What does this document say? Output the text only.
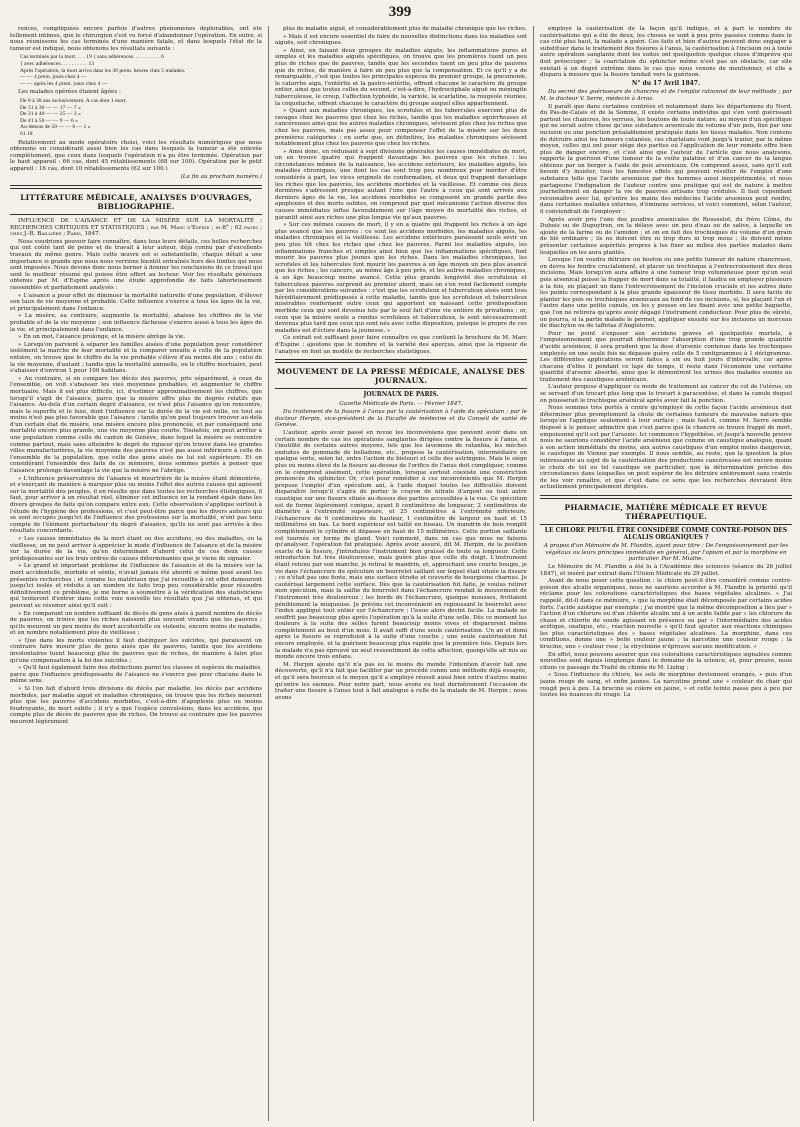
399

rences, compliquées encore parfois d'autres phénomènes déplorables, ont été tellement intimes, que le chirurgien s'est vu forcé d'abandonner l'opération. En outre, si nous réunissons les cas terminés d'une manière fatale, et dans lesquels l'état de la tumeur est indiqué, nous obtenons les résultats suivants :

Cas terminés par la mort. . . . 19 { sans adhérences. . . . . . . . . . 6
{ avec adhérences. . . . . . . . . . 13
Après l'opération, la mort arriva dans les 36 prem. heures chez 5 malades.
— — 4 prem. jours chez 4 —
— — après les 4 prem. jours chez 4 —

Les malades opérées étaient âgées :

De 0 à 30 ans inclusivement. A cas dont 1 mort.
De 31 à 30 — — 17 — 7 »
De 31 à 40 — — 25 — 3 »
De 41 à 50 — — 9 — 6 »
Au-dessus de 50 — — 6 — 1 »
61 18

Relativement au mode opératoire choisi, voici les résultats numériques que nous obtenons en considérant aussi bien les cas dans lesquels la tumeur a été enlevée complètement, que ceux dans lesquels l'opération n'a pu être terminée. Opération par le haut appareil : 66 cas, dont 45 rétablissements (68 sur 100). Opération par le petit appareil : 16 cas, dont 10 rétablissements (62 sur 100.)

(La fin au prochain numéro.)
LITTÉRATURE MÉDICALE, ANALYSES D'OUVRAGES, BIBLIOGRAPHIE.

INFLUENCE DE L'AISANCE ET DE LA MISÈRE SUR LA MORTALITÉ ; RECHERCHES CRITIQUES ET STATISTIQUES ; par M. Marc d'Espine ; in-8° ; 62 pages ; chez J.-B. Baillière ; Paris, 1847.

Nous voudrions pouvoir faire connaître, dans tous leurs détails, ces belles recherches qui ont coûté tant de peine et de travail à leur auteur, déjà connu par d'excellents travaux du même genre. Mais cette œuvre est si substantielle, chaque détail a une importance si grande que nous nous verrions bientôt entraînés hors des limites qui nous sont imposées. Nous devons donc nous borner à donner les conclusions de ce travail qui sont le meilleur résumé qui puisse être offert au lecteur. Voir les résultats généraux obtenus par M. d'Espine après une étude approfondie de faits laborieusement rassemblés et parfaitement analysés :

« L'aisance a pour effet de diminuer la mortalité naturelle d'une population, d'élever son taux de vie moyenne et probable. Cette influence s'exerce à tous les âges de la vie, et principalement dans l'enfance.

» La misère, au contraire, augmente la mortalité, abaisse les chiffres de la vie probable et de la vie moyenne ; son influence fâcheuse s'exerce aussi à tous les âges de la vie, et principalement dans l'enfance.

» En un mot, l'aisance prolonge, et la misère abrège la vie.

» Lorsqu'on parvient à séparer les familles aisées d'une population pour considérer isolément la marche de leur mortalité et la comparer ensuite à celle de la population entière, on trouve que le chiffre de la vie probable s'élève d'au moins dix ans ; celui de la vie moyenne, d'autant ; tandis que la mortalité annuelle, ou le chiffre mortuaire, peut s'abaisser d'environ 1 pour 100 habitans.

» Au contraire, si on compare les décès des pauvres, pris séparément, à ceux de l'ensemble, on voit s'abaisser les vies moyennes probables, et augmenter le chiffre mortuaire. Mais il est plus difficile, ici, d'estimer approximativement les chiffres, que lorsqu'il s'agit de l'aisance, parce que la misère offre plus de degrés relatifs que l'aisance. Au-delà d'un certain degré d'aisance, ce n'est plus l'aisance qu'on rencontre, mais le superflu et le luxe, dont l'influence sur la durée de la vie est nulle, ou tout au moins n'est pas plus favorable que l'aisance ; tandis qu'on peut toujours trouver au-delà d'un certain état de misère, une misère encore plus prononcée, et par conséquent une mortalité encore plus grande, une vie moyenne plus courte. Toutefois, on peut arrêter à une population comme celle du canton de Genève, dans lequel la misère se rencontre comme partout, mais sans atteindre le degré de rigueur qu'on trouve dans les grandes villes manufacturières, la vie moyenne des pauvres n'est pas aussi inférieure à celle de l'ensemble de la population, que celle des gens aisés ne lui est supérieure. Et en considérant l'ensemble des faits de ce mémoire, nous sommes portés à penser que l'aisance prolonge davantage la vie que la misère ne l'abrège.

» L'influence préservatrice de l'aisance et meurtrière de la misère étant démontrée, et s'exerçant de manière à marquer plus ou moins l'effet des autres causes qui agissent sur la mortalité des peuples, il en résulte que dans toutes les recherches étiologiques, il faut, pour arriver à un résultat réel, éliminer cet influence en la rendant égale dans les divers groupes de faits qu'on compare entre eux. Cette observation s'applique surtout à l'étude de l'hygiène des professions, et c'est peut-être parce que les divers auteurs qui se sont occupés jusqu'ici de l'influence des professions sur la mortalité, n'ont pas tenu compte de l'élément perturbateur du degré d'aisance, qu'ils ne sont pas arrivés à des résultats concordants.

» Les causes immédiates de la mort étant ou des accidens, ou des maladies, ou la vieillesse, on ne peut arriver à apprécier le mode d'influence de l'aisance et de la misère sur la durée de la vie, qu'en déterminant d'abord celui de ces deux causes prédisposantes sur les trois ordres de causes déterminantes que je viens de signaler.

» Le grand et important problème de l'influence de l'aisance et de la misère sur la mort accidentelle, morbide et sénile, n'avait jamais été abordé si même posé avant les présentes recherches ; et comme les matériaux que j'ai recueillis à cet effet demeurent jusqu'ici isolés et réduits à un nombre de faits trop peu considérable pour résoudre définitivement ce problème, je me borne à soumettre à la vérification des statisticiens qui tenteront d'entrer dans cette voie nouvelle les résultats que j'ai obtenus, et qui peuvent se résumer ainsi qu'il suit :

» En comparant un nombre suffisant de décès de gens aisés à pareil nombre de décès de pauvres, on trouve que les riches naissent plus souvent vivants que les pauvres ; qu'ils meurent un peu moins de mort accidentelle ou violente, encore moins de maladie, et un nombre notablement plus de vieillesse ;

» Que dans les morts violentes il faut distinguer les suicides, qui paraissent un contraire faire mourir plus de gens aisés que de pauvres, tandis que les accidens involontaires tuent beaucoup plus de pauvres que de riches, de manière à faire plus qu'une compensation à la loi des suicides ;

» Qu'il faut également faire des distinctions parmi les classes et espèces de maladies, parce que l'influence prédisposante de l'aisance ne s'exerce pas pour chacune dans le même sens.

» Si l'on fait d'abord trois divisions de décès par maladie, les décès par accidens morbides, par maladie aiguë et maladies chroniques, on trouve que les riches meurent plus que les pauvres d'accidens morbides, c'est-à-dire d'apoplexie plus ou moins foudroyante, de mort subite ; il n'y a que l'espèce convulsions, dans les accidens, qui compte plus de décès de pauvres que de riches. On trouve au contraire que les pauvres meurent légèrement

plus de maladie aiguë, et considérablement plus de maladie chronique que les riches.

» Mais il est encore essentiel de faire de nouvelles distinctions dans les maladies soit aiguës, soit chroniques.

» Ainsi, en faisant deux groupes de maladies aiguës, les inflammations pures et simples et les maladies aiguës spécifiques, on trouve que les premières tuent un peu plus de riches que de pauvres, tandis que les secondes tuent un peu plus de pauvres que de riches, de manière à faire un peu plus que la compensation. Et ce qu'il y a de remarquable, c'est que toutes les principales espèces du premier groupe, la pneumonie, le catarrhe aigu, l'entérite et la gastro-entérite, offrent chacune le caractère du groupe entier, ainsi que toutes celles du second, c'est-à-dire, l'hydrocéphale aiguë ou méningite tuberculeuse, le croup, l'affection typhoïde, la variole, la scarlatine, la rougeole réunies, la coqueluche, offrent chacune le caractère du groupe auquel elles appartiennent.

» Quant aux maladies chroniques, les scrofules et les tubercules exercent plus de ravages chez les pauvres que chez les riches, tandis que les maladies squirrheuses et cancéreuses ainsi que les autres maladies chroniques, sévissent plus chez les riches que chez les pauvres, mais pas assez pour compenser l'effet de la misère sur les deux premières catégories ; en sorte que, en définitive, les maladies chroniques sévissent notablement plus chez les pauvres que chez les riches.

» Ainsi donc, en réduisant à sept divisions générales les causes immédiates de mort, on en trouve quatre qui frappent davantage les pauvres que les riches : les circonstances mêmes de la naissance, les accidens extérieurs, les maladies aiguës, les maladies chroniques, une dont les cas sont trop peu nombreux pour mériter d'être considérés à part, les vices originels de conformation, et deux qui frappent davantage les riches que les pauvres, les accidens morbides et la vieillesse. Et comme ces deux dernières s'adressent presque autant l'une que l'autre à ceux qui sont arrivés aux derniers âges de la vie, les accidens morbides se composent en grande partie des apoplexies et des morts subites, on comprend par quel mécanisme l'action diverse des causes immédiates influe favorablement sur l'âge moyen de mortalité des riches, et garantit ainsi aux riches une plus longue vie qu'aux pauvres.

» Sur ces mêmes causes de mort, il y en a quatre qui frappent les riches à un âge plus avancé que les pauvres ; ce sont les accidens morbides, les maladies aiguës, les maladies chroniques et la vieillesse. Les accidens extérieurs paraissent seuls sévir un peu plus tôt chez les riches que chez les pauvres. Parmi les maladies aiguës, les inflammations franches et simples ainsi bien que les inflammations spécifiques, font mourir les pauvres plus jeunes que les riches. Dans les maladies chroniques, les scrofules et les tubercules font mourir les pauvres à un âge moyen un peu plus avancé que les riches ; les cancers, au même âge à peu près, et les autres maladies chroniques, à un âge beaucoup moins avancé. Cette plus grande longévité des scrofuleux et tuberculeux pauvres surprend au premier abord, mais on s'en rend facilement compte par les considérations suivantes : c'est que les scrofuleux et tuberculeux aisés sont tous héréditairement prédisposés à cette maladie, tandis que les scrofuleux et tuberculeux misérables renferment outre ceux qui apportent en naissant cette prédisposition morbide ceux qui sont devenus tels par le seul fait d'une vie entière de privations ; or, ceux que la misère seule a rendus scrofuleux et tuberculeux, le sont nécessairement devenus plus tard que ceux qui sont nés avec cette disposition, puisque le propre de ces maladies est d'éclore dans la jeunesse. »

Ce extrait est suffisant pour faire connaître ce que contient la brochure de M. Marc d'Espine ; ajoutons que le nombre et la variété des aperçus, ainsi que la rigueur de l'analyse en font un modèle de recherches statistiques.

MOUVEMENT DE LA PRESSE MÉDICALE, ANALYSE DES JOURNAUX.
JOURNAUX DE PARIS.
Gazette Médicale de Paris. — Février 1847.

Du traitement de la fissure à l'anus par la cautérisation à l'aide du spéculum ; par le docteur Herpin, vice-président de la Faculté de médecine et du Conseil de santé de Genève.

L'auteur, après avoir passé en revue les inconvéniens que peuvent avoir dans un certain nombre de cas les opérations sanglantes dirigées contre la fissure à l'anus, et l'inutilité de certains autres moyens, tels que les lavemens de ratanhia, les mèches enduites de pommade de belladone, etc., propose la cautérisation, intermédiaire en quelque sorte, selon lui, entre l'action du bistouri et celle des astringens. Mais le siége plus ou moins élevé de la fissure au-dessus de l'orifice de l'anus doit compliquer, comme on le comprend aisément, cette opération, lorsque surtout coexiste une constriction prononcée du sphincter. Or, c'est pour remédier à ces inconvénients que M. Herpin propose l'emploi d'un spéculum ani, à l'aide duquel toutes les difficultés doivent disparaître lorsqu'il s'agira de porter le crayon de nitrate d'argent ou tout autre caustique sur une fissure située au-dessus des parties accessibles à la vue. Ce spéculum est de forme légèrement conique, ayant 8 centimètres de longueur, 2 centimètres de diamètre à l'extrémité supérieure, et 25 centimètres à l'extrémité inférieure, l'échancrure de 6 centimètres de hauteur, 1 centimètre de largeur en haut et 15 millimètres en bas. Le bord supérieur est taillé en biseau. Un mandrin de bois remplit complètement le cylindre et dépasse en haut de 15 millimètres. Cette portion saillante est tournée en forme de gland. Voici comment, dans un cas que nous ne faisons qu'analyser, l'opération fut pratiquée. Après avoir assuré, dit M. Herpin, de la position exacte de la fissure, j'introduisis l'instrument bien graissé de toute sa longueur. Cette introduction fut très douloureuse, mais guère plus que celle du doigt. L'instrument étant retenu par son manche, je retirai le mandrin, et, approchant une courte bougie, je vis dans l'échancrure du spéculum un bourrelet saillant sur lequel était située la fissure ; ce n'était pas une fente, mais une surface étroite et couverte de bourgeons charnus. Je cautérisai largement cette surface. Dès que la cautérisation fut faite, je voulus retirer mon spéculum, mais la saillie du bourrelet dans l'échancrure rendait le mouvement de l'instrument très douloureux ; les bords de l'échancrure, quoique mousses, frottaient péniblement la muqueuse. Je prévins cet inconvénient en repoussant le bourrelet avec l'index appliqué tout entier sur l'échancrure ; l'issue alors devint facile. La malade ne souffrit pas beaucoup plus après l'opération qu'à la suite d'une selle. Dès ce moment les douleurs à la suite des selles furent beaucoup moins vives et disparurent même complètement au bout d'un mois. Il avait suffi d'une seule cautérisation. Un an et demi après la fissure se reproduisit à la suite d'une couche ; une seule cautérisation fut encore employée, et la guérison beaucoup plus rapide que la première fois. Depuis lors la malade n'a pas éprouvé un seul ressentiment de cette affection, quoiqu'elle ait mis au monde encore trois enfans.

M. Herpin ajoute qu'il n'a pas eu le moins du monde l'intention d'avoir fait une découverte, qu'il n'a fait que faciliter par un procédé connu une méthode déjà essayée, et qu'il sera heureux si le moyen qu'il a employé réussit aussi bien entre d'autres mains qu'entre les siennes. Pour notre part, nous avons eu tout dernièrement l'occasion de traiter une fissure à l'anus tout à fait analogue à celle de la malade de M. Herpin ; nous avons

employé la cautérisation de la façon qu'il indique, et à part le nombre de cautérisations qui a été de deux, les choses se sont à peu près passées comme dans le cas cité plus haut, la malade a guéri. Ces faits et bien d'autres peuvent donc engager à substituer dans le traitement des fissures à l'anus, la cautérisation à l'incision ou à toute autre opération sanglante dont les suites ont quelquefois quelque chose d'imprévu qui doit préoccuper ; la coarctation du sphincter même n'est pas un obstacle, car elle existait à un degré extrême dans le cas que nous venons de mentionner, et elle a disparu à mesure que la fissure tendait vers la guérison.

N° du 17 Avril 1847.

Du secret des guérisseurs de chancres et de l'emploi rationnel de leur méthode ; par M. le docteur V. Serre, médecin à Arras.

Il paraît que dans certaines contrées et notamment dans les départemens du Nord, du Pas-de-Calais et de la Somme, il existe certains individus qui s'en vont guérissant partout les chancres, les verrues, les boutons de toute nature, au moyen d'un spécifique qui ne serait autre chose qu'une substance arsenicale du volume d'un pois, fixé par une incision ou une ponction préalablement pratiquée dans les tissus malades. Non contens de détruire ainsi les tumeurs cutanées, ces charlatans vont jusqu'à traiter, par le même moyen, celles qui ont pour siége des parties où l'application de leur remède offre bien plus de danger encore, et c'est ainsi que l'auteur de l'article que nous analysons, rapporte la guérison d'une tumeur de la voûte palatine et d'un cancer de la langue obtenue par un berger à l'aide de pois arsenicaux. On comprend assez, sans qu'il soit besoin d'y insister, tous les funestes effets qui peuvent résulter de l'emploi d'une substance telle que l'acide arsenieux par des hommes aussi inexpérimentés, et nous partageons l'indignation de l'auteur contre une pratique qui est de nature à mettre journellement en danger la vie de pauvres artisans trop crédules. Il faut cependant reconnaître avec lui, qu'entre les mains des médecins l'acide arsenieux peut rendre, dans certaines maladies externes, d'éminens services, et voici comment, selon l'auteur, il conviendrait de l'employer :

Après avoir pris l'une des poudres arsenicales de Rousselot, du frère Côme, de Dubois ou de Dupuytren, on la délaye avec un peu d'eau ou de salive, à laquelle on ajoute de la farine ou de l'amidon ; et on en fait des trochisques du volume d'un grain de blé ordinaire ; ils ne doivent être ni trop durs ni trop mous ; ils doivent même présenter certaines aspérités propres à les fixer au milieu des parties malades dans lesquelles on les aura plantés.

Lorsque l'on voudra détruire un bouton ou une petite tumeur de nature chancreuse, on devra les fendre crucialement, et placer un trochisque à l'entrecroisement des deux incisions. Mais lorsqu'on aura affaire à une tumeur trop volumineuse pour qu'un seul pois arsenical puisse la frapper de mort dans sa totalité, il faudra en employer plusieurs à la fois, en plaçant un dans l'entrecroisement de l'incision cruciale et les autres dans les points correspondant à la plus grande épaisseur de tissu morbide. Il sera facile de planter les pois ou trochisques arsenicaux au fond de ces incisions, si, les plaçant l'un et l'autre dans une petite canule, on les y pousse en les fixant avec une petite baguette, que l'on ne retirera qu'après avoir dégagé l'instrument conducteur. Pour plus de sûreté, on pourra, si la partie malade le permet, appliquer ensuite sur les incisions un morceau de diachylon ou de taffetas d'Angleterre.

Pour ne point s'exposer aux accidens graves et quelquefois mortels, à l'empoisonnement que pourrait déterminer l'absorption d'une trop grande quantité d'acide arsénieux, il sera prudent que la dose d'arsenic contenue dans les trochisques employés en une seule fois ne dépasse guère celle de 5 centigrammes à 1 décigramme. Les différentes applications seront faites à six ou huit jours d'intervalle, car après chacune d'elles il pendant ce laps de temps, il reste dans l'économie une certaine quantité d'arsenic absorbé, ainsi que le démontrent les urines des malades soumis au traitement des caustiques arsénicaux.

L'auteur propose d'appliquer ce mode de traitement au cancer du col de l'utérus, en se servant d'un trocart plus long que le trocart à paracentèse, et dans la canule duquel on pousserait le trochisque arsénical après avoir fait la ponction.

Nous sommes très portés à croire qu'employé de cette façon l'acide arsénieux doit déterminer plus promptement la chute de certaines tumeurs de mauvaise nature que lorsqu'on l'applique seulement à leur surface ; mais faut-il, comme M. Serre semble disposé à le penser, admettre que c'est parce que le chancre se trouve frappé de mort, empoisonné qu'il est par l'arsenic. Ici commence l'hypothèse, et jusqu'à nouvelle preuve nous ne saurions considérer l'acide arsénieux que comme un caustique analogue, quant à son action immédiate du moins, aux autres caustiques d'un emploi moins dangereux, le caustique de Vienne par exemple. Il nous semble, au reste, que la question la plus intéressante au sujet de la cautérisation des productions cancéreuses est encore moins le choix de tel ou tel caustique en particulier, que la détermination précise des circonstances dans lesquelles on peut espérer de les détruire entièrement sans crainte de les voir renaître, et que c'est dans ce sens que les recherches devraient être actuellement principalement dirigées.

PHARMACIE, MATIÈRE MÉDICALE ET REVUE THÉRAPEUTIQUE.
LE CHLORE PEUT-IL ÊTRE CONSIDÉRÉ COMME CONTRE-POISON DES ALCALIS ORGANIQUES ?

A propos d'un Mémoire de M. Flandin, ayant pour titre : De l'empoisonnement par les végétaux ou leurs principes immédiats en général, par l'opium et par la morphine en particulier. Par M. Mialhe.

Le Mémoire de M. Flandin a été lu à l'Académie des sciences (séance du 26 juillet 1847), et inséré par extrait dans l'Union Médicale du 29 juillet.

Avant de nous poser cette question : le chlore peut-il être considéré comme contre-poison des alcalis organiques, nous ne saurions accorder à M. Flandin la priorité qu'il réclame pour les colorations caractéristiques des bases végétales alcalines. « J'ai rappelé, dit-il dans ce mémoire, » que la morphine était décomposée par certains acides forts, l'acide azotique par exemple ; j'ai montré que la même décomposition a lieu par » l'action d'un chlorure ou d'un chlorite alcalin uni à un acide faible par » les chlorure de chaux et chlorite de soude agissant en présence ou par » l'intermédiaire des acides acétique, oxalique, etc., réaction nouvelle » qu'il faut ajouter aux réactions chimiques les plus caractéristiques des » bases végétales alcalines. La morphine, dans ces conditions, donne une » belle couleur jaune ; la narcotine une couleur rouge ; la brucine, une » couleur rose ; la strychnine n'éprouve aucune modification. »

En effet, nous pouvons assurer que ces colorations caractéristiques signalées comme nouvelles sont depuis longtemps dans le domaine de la science, et, pour preuve, nous citons ce passage du Traité de chimie de M. Liebig :

« Sous l'influence du chlore, les sels de morphine deviennent orangés, » puis d'un jaune rouge de sang, et enfin jaunes. La narcotine prend une » couleur de chair qui rougit peu à peu. La brucine se colore en jaune, » et cette teinte passe peu à peu par toutes les nuances du rouge. La
